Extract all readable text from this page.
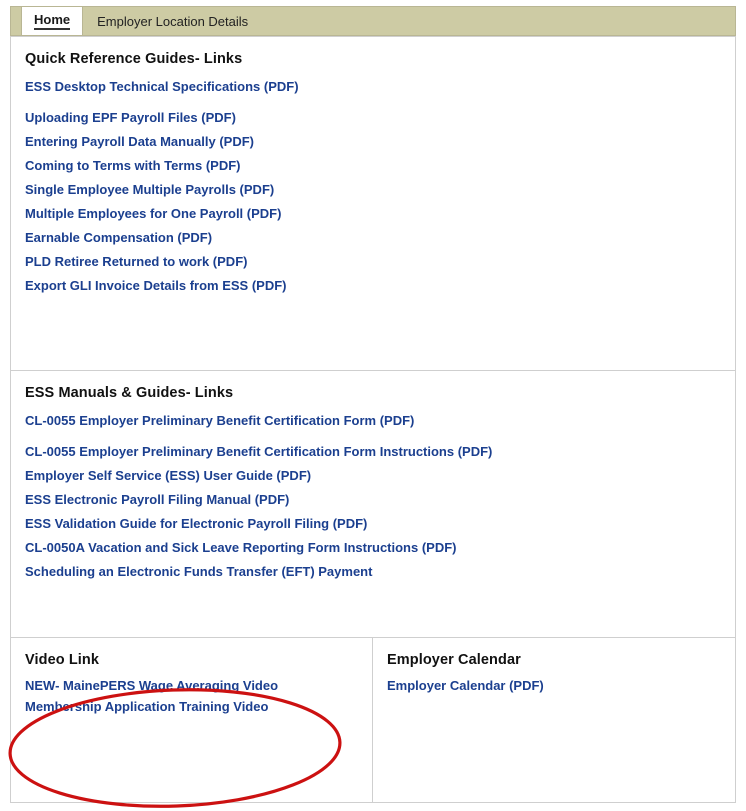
Home Employer Location Details
Quick Reference Guides- Links
ESS Desktop Technical Specifications (PDF)
Uploading EPF Payroll Files (PDF)
Entering Payroll Data Manually (PDF)
Coming to Terms with Terms (PDF)
Single Employee Multiple Payrolls (PDF)
Multiple Employees for One Payroll (PDF)
Earnable Compensation (PDF)
PLD Retiree Returned to work (PDF)
Export GLI Invoice Details from ESS (PDF)
ESS Manuals & Guides- Links
CL-0055 Employer Preliminary Benefit Certification Form (PDF)
CL-0055 Employer Preliminary Benefit Certification Form Instructions (PDF)
Employer Self Service (ESS) User Guide (PDF)
ESS Electronic Payroll Filing Manual (PDF)
ESS Validation Guide for Electronic Payroll Filing (PDF)
CL-0050A Vacation and Sick Leave Reporting Form Instructions (PDF)
Scheduling an Electronic Funds Transfer (EFT) Payment
Video Link
NEW- MainePERS Wage Averaging Video
Membership Application Training Video
Employer Calendar
Employer Calendar (PDF)
